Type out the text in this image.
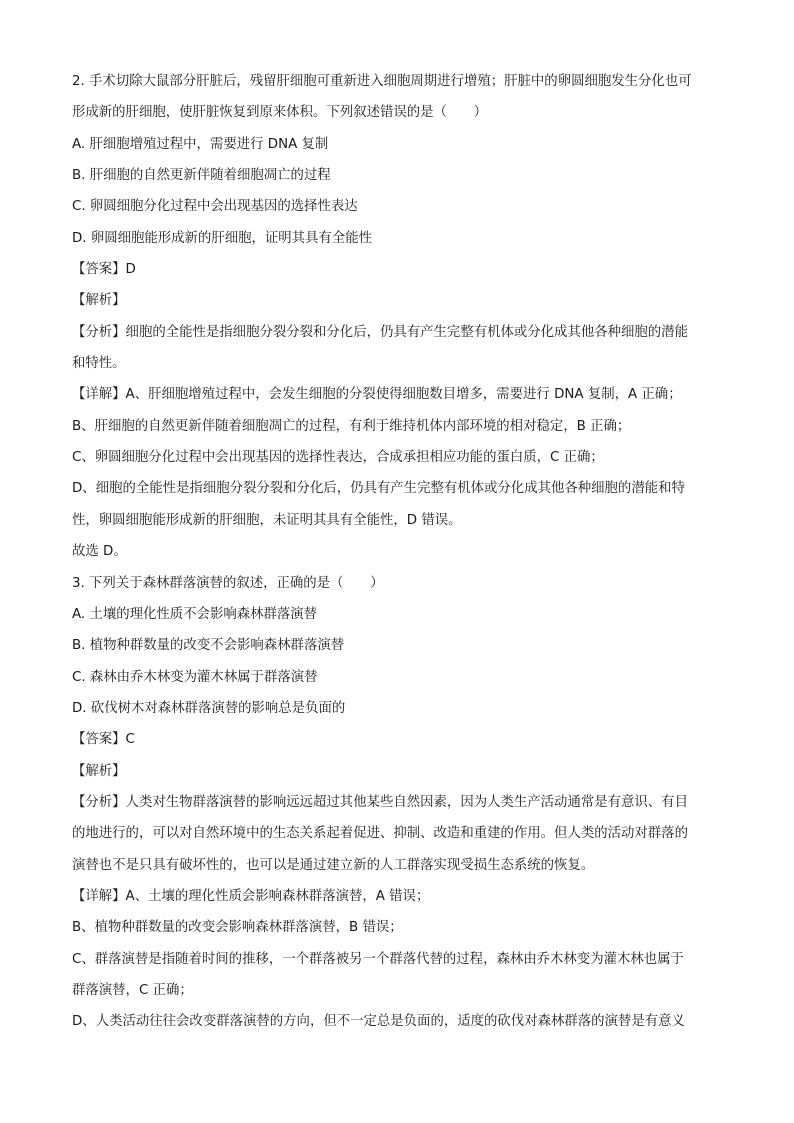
2. 手术切除大鼠部分肝脏后，残留肝细胞可重新进入细胞周期进行增殖；肝脏中的卵圆细胞发生分化也可
形成新的肝细胞，使肝脏恢复到原来体积。下列叙述错误的是（　　）
A. 肝细胞增殖过程中，需要进行 DNA 复制
B. 肝细胞的自然更新伴随着细胞凋亡的过程
C. 卵圆细胞分化过程中会出现基因的选择性表达
D. 卵圆细胞能形成新的肝细胞，证明其具有全能性
【答案】D
【解析】
【分析】细胞的全能性是指细胞分裂分裂和分化后，仍具有产生完整有机体或分化成其他各种细胞的潜能
和特性。
【详解】A、肝细胞增殖过程中，会发生细胞的分裂使得细胞数目增多，需要进行 DNA 复制，A 正确；
B、肝细胞的自然更新伴随着细胞凋亡的过程，有利于维持机体内部环境的相对稳定，B 正确；
C、卵圆细胞分化过程中会出现基因的选择性表达，合成承担相应功能的蛋白质，C 正确；
D、细胞的全能性是指细胞分裂分裂和分化后，仍具有产生完整有机体或分化成其他各种细胞的潜能和特
性，卵圆细胞能形成新的肝细胞，未证明其具有全能性，D 错误。
故选 D。
3. 下列关于森林群落演替的叙述，正确的是（　　）
A. 土壤的理化性质不会影响森林群落演替
B. 植物种群数量的改变不会影响森林群落演替
C. 森林由乔木林变为灌木林属于群落演替
D. 砍伐树木对森林群落演替的影响总是负面的
【答案】C
【解析】
【分析】人类对生物群落演替的影响远远超过其他某些自然因素，因为人类生产活动通常是有意识、有目
的地进行的，可以对自然环境中的生态关系起着促进、抑制、改造和重建的作用。但人类的活动对群落的
演替也不是只具有破坏性的，也可以是通过建立新的人工群落实现受损生态系统的恢复。
【详解】A、土壤的理化性质会影响森林群落演替，A 错误；
B、植物种群数量的改变会影响森林群落演替，B 错误；
C、群落演替是指随着时间的推移，一个群落被另一个群落代替的过程，森林由乔木林变为灌木林也属于
群落演替，C 正确；
D、人类活动往往会改变群落演替的方向，但不一定总是负面的，适度的砍伐对森林群落的演替是有意义
